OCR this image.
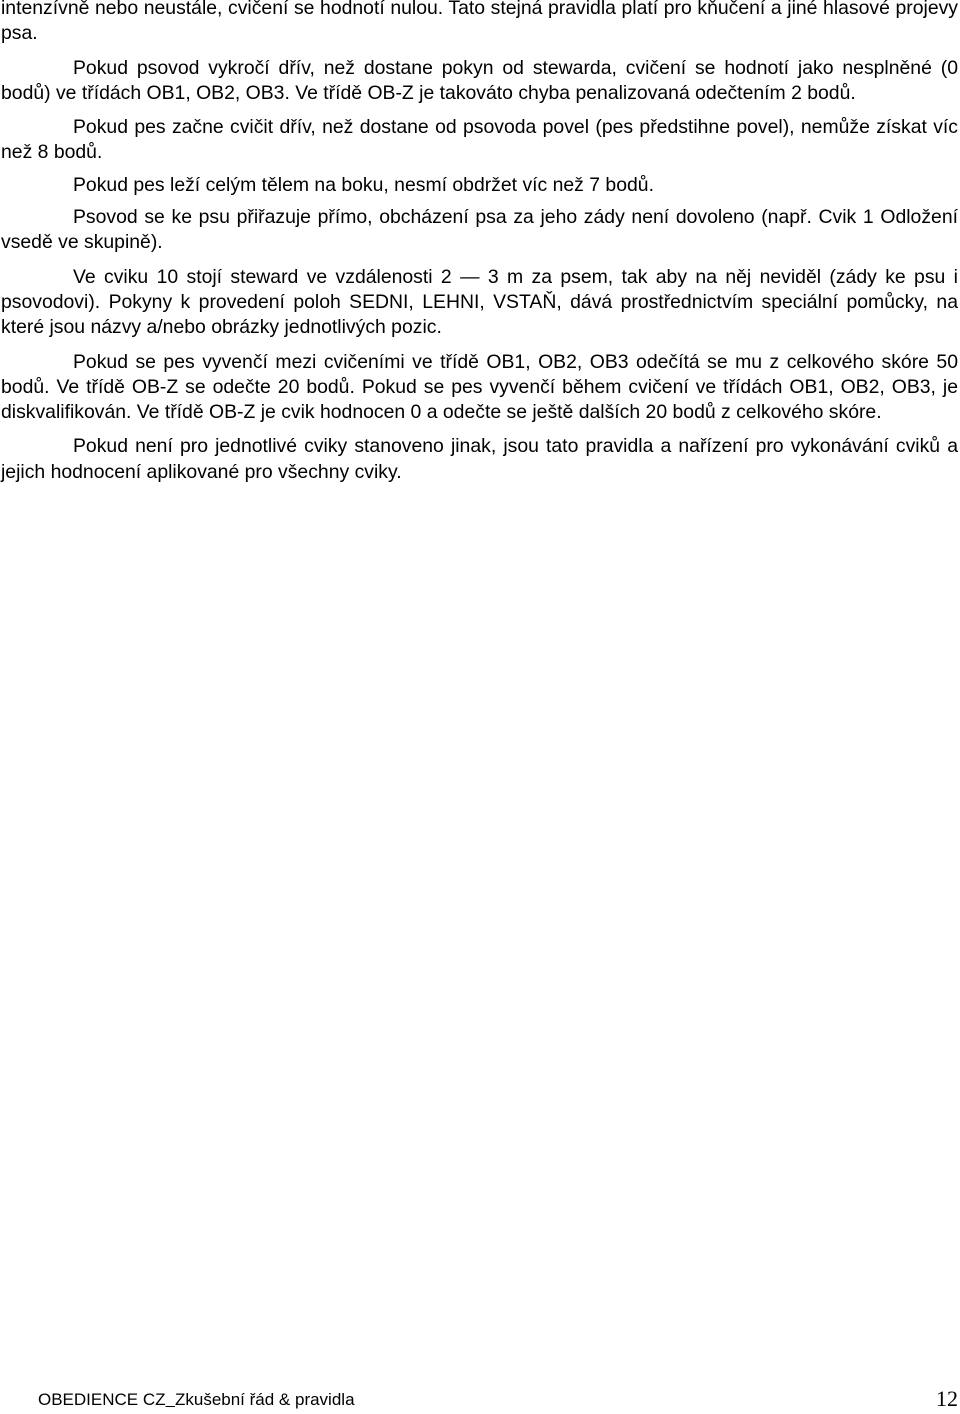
intenzívně nebo neustále, cvičení se hodnotí nulou. Tato stejná pravidla platí pro kňučení a jiné hlasové projevy psa.

Pokud psovod vykročí dřív, než dostane pokyn od stewarda, cvičení se hodnotí jako nesplněné (0 bodů) ve třídách OB1, OB2, OB3. Ve třídě OB-Z je takováto chyba penalizovaná odečtením 2 bodů.

Pokud pes začne cvičit dřív, než dostane od psovoda povel (pes předstihne povel), nemůže získat víc než 8 bodů.

Pokud pes leží celým tělem na boku, nesmí obdržet víc než 7 bodů.

Psovod se ke psu přiřazuje přímo, obcházení psa za jeho zády není dovoleno (např. Cvik 1 Odložení vsedě ve skupině).

Ve cviku 10 stojí steward ve vzdálenosti 2 — 3 m za psem, tak aby na něj neviděl (zády ke psu i psovodovi). Pokyny k provedení poloh SEDNI, LEHNI, VSTAŇ, dává prostřednictvím speciální pomůcky, na které jsou názvy a/nebo obrázky jednotlivých pozic.

Pokud se pes vyvenčí mezi cvičeními ve třídě OB1, OB2, OB3 odečítá se mu z celkového skóre 50 bodů. Ve třídě OB-Z se odečte 20 bodů. Pokud se pes vyvenčí během cvičení ve třídách OB1, OB2, OB3, je diskvalifikován. Ve třídě OB-Z je cvik hodnocen 0 a odečte se ještě dalších 20 bodů z celkového skóre.

Pokud není pro jednotlivé cviky stanoveno jinak, jsou tato pravidla a nařízení pro vykonávání cviků a jejich hodnocení aplikované pro všechny cviky.

OBEDIENCE CZ Zkušební řád & pravidla	12
